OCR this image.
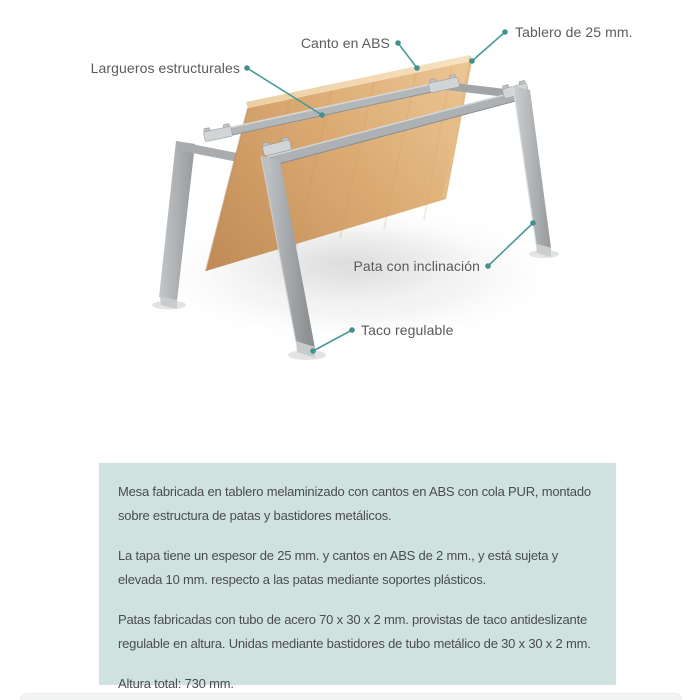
Largueros estructurales
Canto en ABS
Tablero de 25 mm.
Pata con inclinación
Taco regulable

Mesa fabricada en tablero melaminizado con cantos en ABS con cola PUR, montado sobre estructura de patas y bastidores metálicos.

La tapa tiene un espesor de 25 mm. y cantos en ABS de 2 mm., y está sujeta y elevada 10 mm. respecto a las patas mediante soportes plásticos.

Patas fabricadas con tubo de acero 70 x 30 x 2 mm. provistas de taco antideslizante regulable en altura. Unidas mediante bastidores de tubo metálico de 30 x 30 x 2 mm.

Altura total: 730 mm.
